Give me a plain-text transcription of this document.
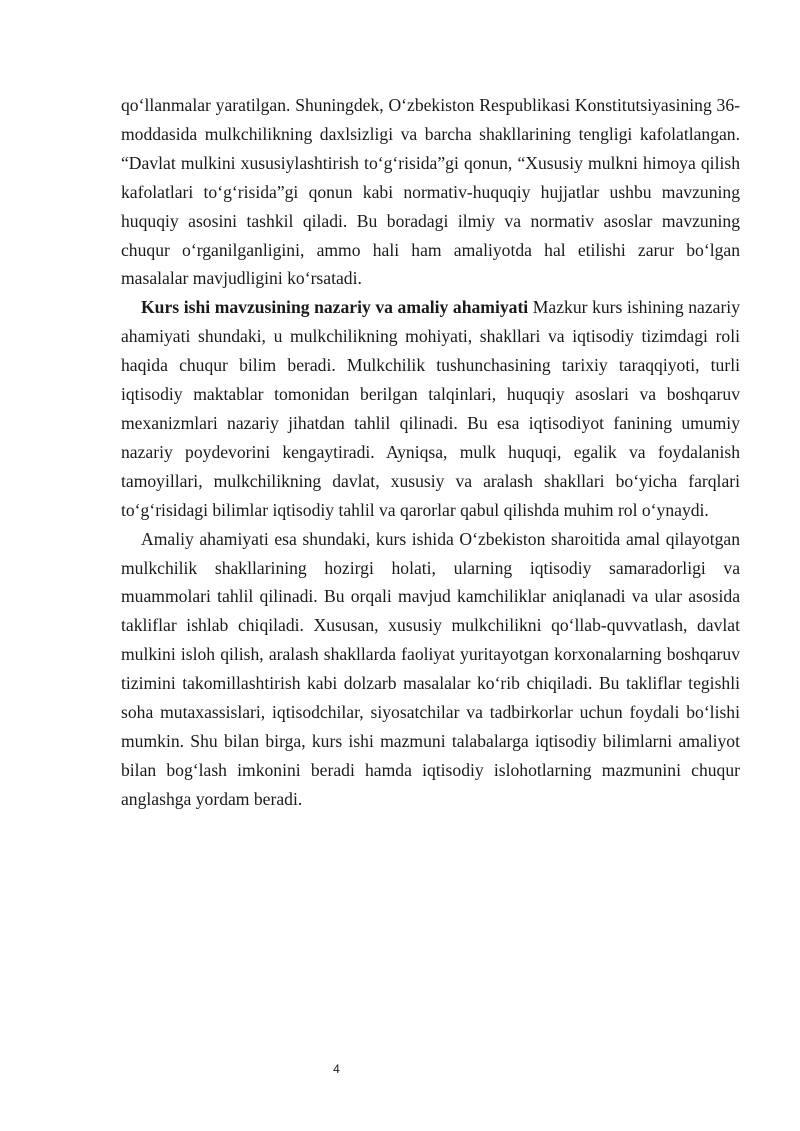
qo‘llanmalar yaratilgan. Shuningdek, O‘zbekiston Respublikasi Konstitutsiyasining 36-moddasida mulkchilikning daxlsizligi va barcha shakllarining tengligi kafolatlangan. “Davlat mulkini xususiylashtirish to‘g‘risida”gi qonun, “Xususiy mulkni himoya qilish kafolatlari to‘g‘risida”gi qonun kabi normativ-huquqiy hujjatlar ushbu mavzuning huquqiy asosini tashkil qiladi. Bu boradagi ilmiy va normativ asoslar mavzuning chuqur o‘rganilganligini, ammo hali ham amaliyotda hal etilishi zarur bo‘lgan masalalar mavjudligini ko‘rsatadi.

Kurs ishi mavzusining nazariy va amaliy ahamiyati Mazkur kurs ishining nazariy ahamiyati shundaki, u mulkchilikning mohiyati, shakllari va iqtisodiy tizimdagi roli haqida chuqur bilim beradi. Mulkchilik tushunchasining tarixiy taraqqiyoti, turli iqtisodiy maktablar tomonidan berilgan talqinlari, huquqiy asoslari va boshqaruv mexanizmlari nazariy jihatdan tahlil qilinadi. Bu esa iqtisodiyot fanining umumiy nazariy poydevorini kengaytiradi. Ayniqsa, mulk huquqi, egalik va foydalanish tamoyillari, mulkchilikning davlat, xususiy va aralash shakllari bo‘yicha farqlari to‘g‘risidagi bilimlar iqtisodiy tahlil va qarorlar qabul qilishda muhim rol o‘ynaydi.

Amaliy ahamiyati esa shundaki, kurs ishida O‘zbekiston sharoitida amal qilayotgan mulkchilik shakllarining hozirgi holati, ularning iqtisodiy samaradorligi va muammolari tahlil qilinadi. Bu orqali mavjud kamchiliklar aniqlanadi va ular asosida takliflar ishlab chiqiladi. Xususan, xususiy mulkchilikni qo‘llab-quvvatlash, davlat mulkini isloh qilish, aralash shakllarda faoliyat yuritayotgan korxonalarning boshqaruv tizimini takomillashtirish kabi dolzarb masalalar ko‘rib chiqiladi. Bu takliflar tegishli soha mutaxassislari, iqtisodchilar, siyosatchilar va tadbirkorlar uchun foydali bo‘lishi mumkin. Shu bilan birga, kurs ishi mazmuni talabalarga iqtisodiy bilimlarni amaliyot bilan bog‘lash imkonini beradi hamda iqtisodiy islohotlarning mazmunini chuqur anglashga yordam beradi.

4
